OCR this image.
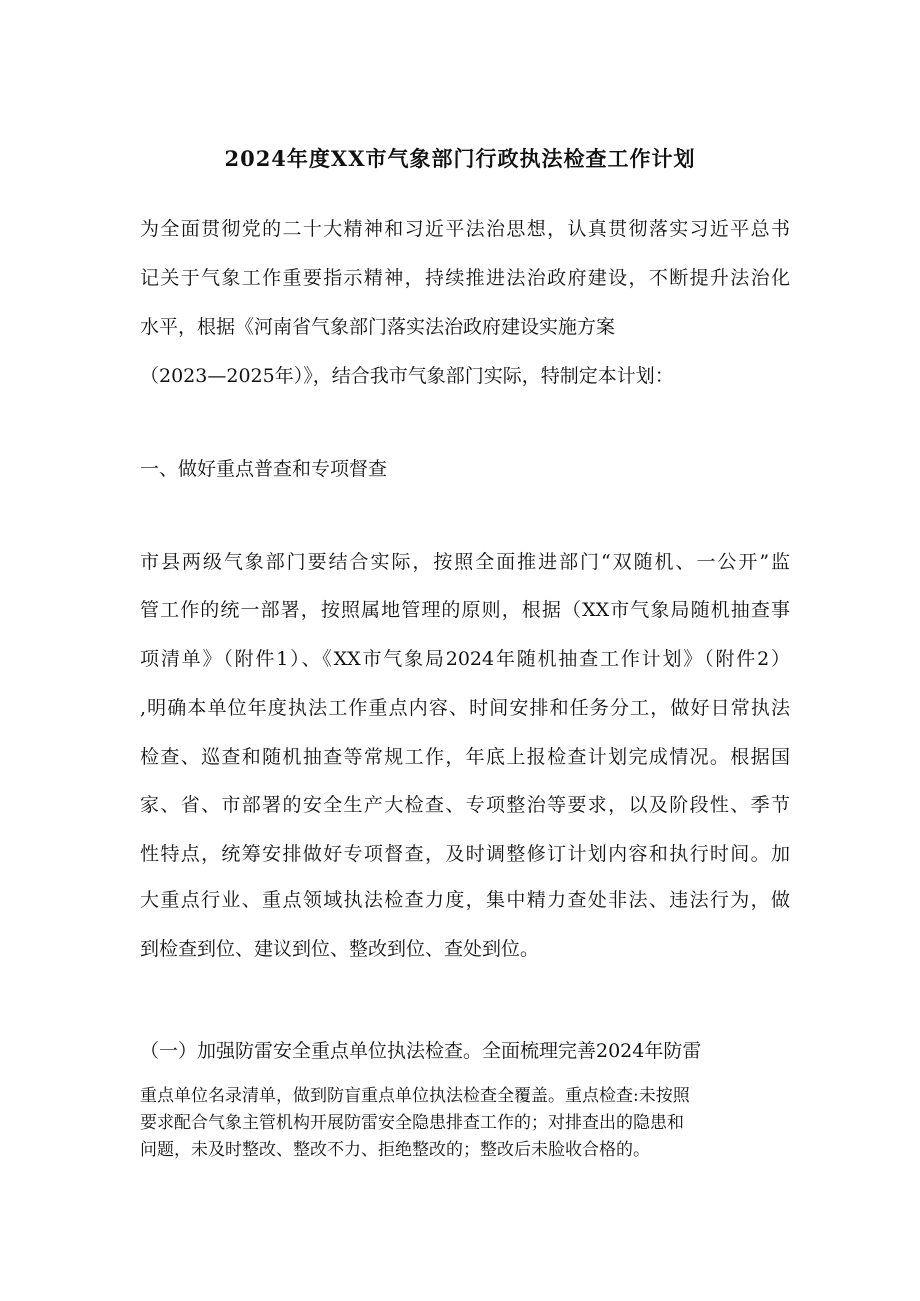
2024年度XX市气象部门行政执法检查工作计划

为全面贯彻党的二十大精神和习近平法治思想，认真贯彻落实习近平总书

记关于气象工作重要指示精神，持续推进法治政府建设，不断提升法治化

水平，根据《河南省气象部门落实法治政府建设实施方案

（2023—2025年）》，结合我市气象部门实际，特制定本计划：

一、做好重点普查和专项督查

市县两级气象部门要结合实际，按照全面推进部门“双随机、一公开”监

管工作的统一部署，按照属地管理的原则，根据（XX市气象局随机抽查事

项清单》（附件1）、《XX市气象局2024年随机抽查工作计划》（附件2）

,明确本单位年度执法工作重点内容、时间安排和任务分工，做好日常执法

检查、巡查和随机抽查等常规工作，年底上报检查计划完成情况。根据国

家、省、市部署的安全生产大检查、专项整治等要求，以及阶段性、季节

性特点，统筹安排做好专项督查，及时调整修订计划内容和执行时间。加

大重点行业、重点领域执法检查力度，集中精力查处非法、违法行为，做

到检查到位、建议到位、整改到位、查处到位。

（一）加强防雷安全重点单位执法检查。全面梳理完善2024年防雷

重点单位名录清单，做到防盲重点单位执法检查全覆盖。重点检查:未按照

要求配合气象主管机构开展防雷安全隐患排查工作的；对排查出的隐患和

问题，未及时整改、整改不力、拒绝整改的；整改后未脸收合格的。
